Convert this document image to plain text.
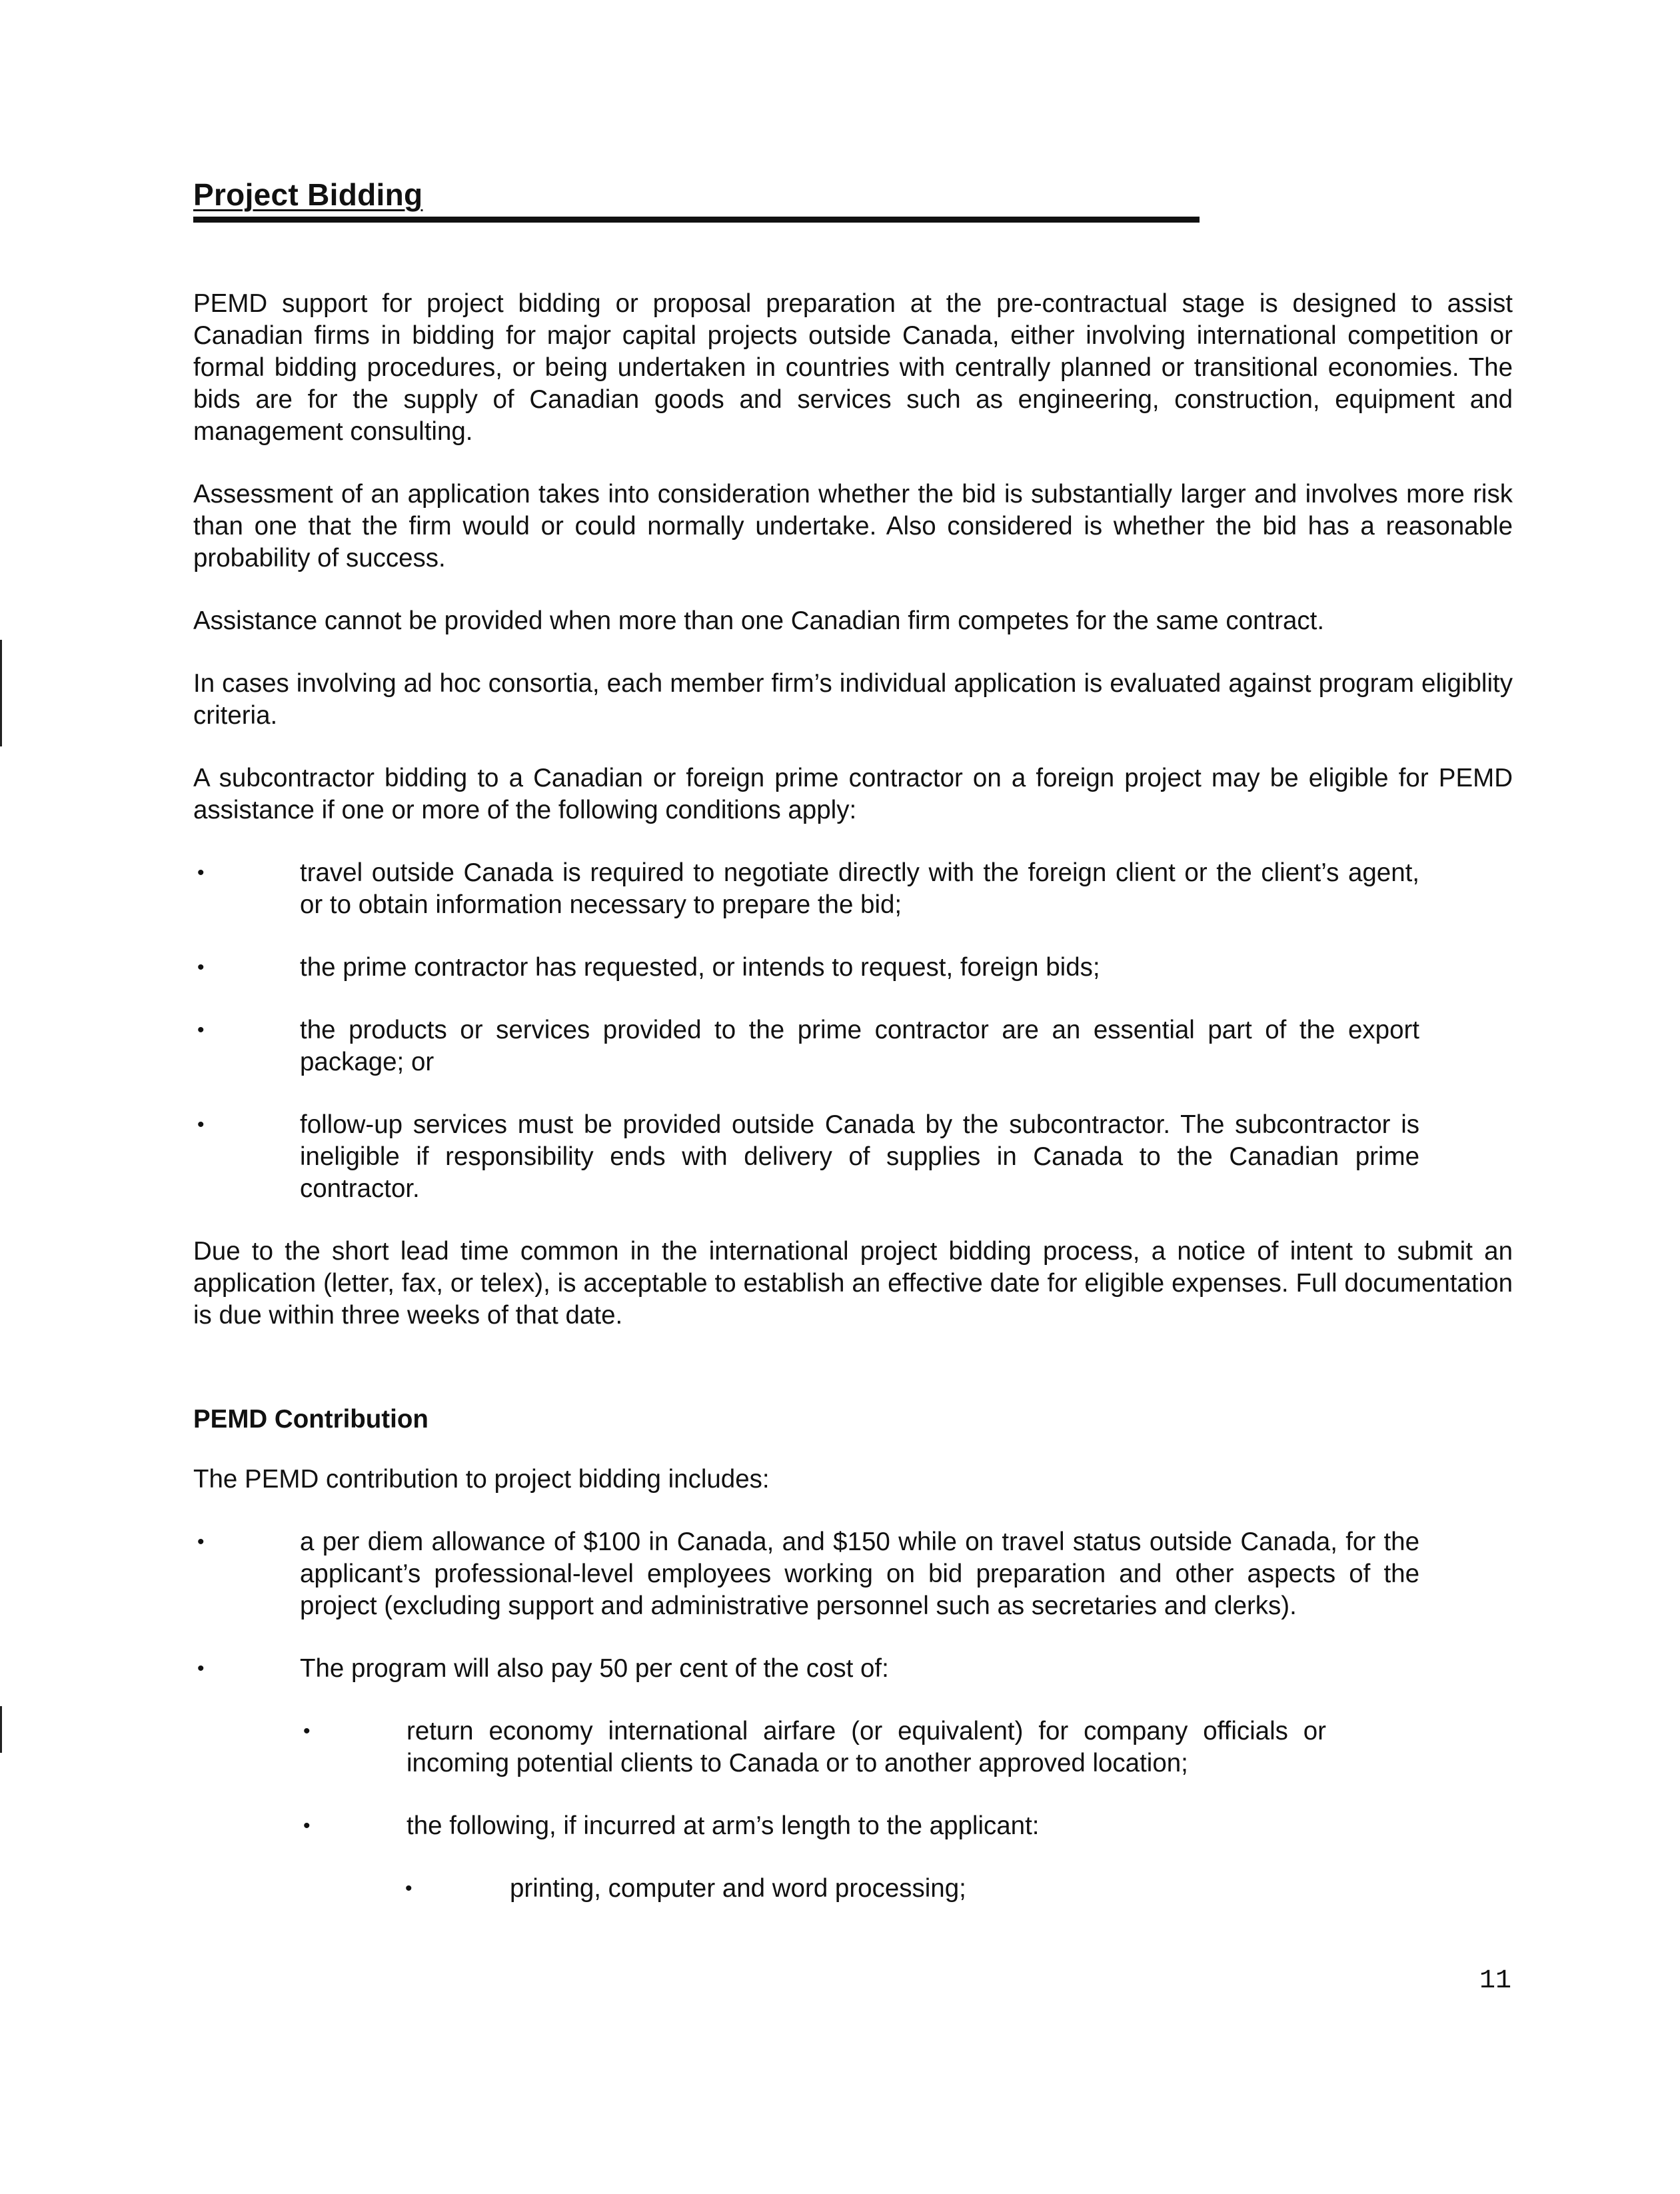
Project Bidding

PEMD support for project bidding or proposal preparation at the pre-contractual stage is designed to assist Canadian firms in bidding for major capital projects outside Canada, either involving international competition or formal bidding procedures, or being undertaken in countries with centrally planned or transitional economies. The bids are for the supply of Canadian goods and services such as engineering, construction, equipment and management consulting.

Assessment of an application takes into consideration whether the bid is substantially larger and involves more risk than one that the firm would or could normally undertake. Also considered is whether the bid has a reasonable probability of success.

Assistance cannot be provided when more than one Canadian firm competes for the same contract.

In cases involving ad hoc consortia, each member firm’s individual application is evaluated against program eligiblity criteria.

A subcontractor bidding to a Canadian or foreign prime contractor on a foreign project may be eligible for PEMD assistance if one or more of the following conditions apply:

•	travel outside Canada is required to negotiate directly with the foreign client or the client’s agent, or to obtain information necessary to prepare the bid;
•	the prime contractor has requested, or intends to request, foreign bids;
•	the products or services provided to the prime contractor are an essential part of the export package; or
•	follow-up services must be provided outside Canada by the subcontractor. The subcontractor is ineligible if responsibility ends with delivery of supplies in Canada to the Canadian prime contractor.

Due to the short lead time common in the international project bidding process, a notice of intent to submit an application (letter, fax, or telex), is acceptable to establish an effective date for eligible expenses. Full documentation is due within three weeks of that date.

PEMD Contribution

The PEMD contribution to project bidding includes:

•	a per diem allowance of $100 in Canada, and $150 while on travel status outside Canada, for the applicant’s professional-level employees working on bid preparation and other aspects of the project (excluding support and administrative personnel such as secretaries and clerks).
•	The program will also pay 50 per cent of the cost of:
•	return economy international airfare (or equivalent) for company officials or incoming potential clients to Canada or to another approved location;
•	the following, if incurred at arm’s length to the applicant:
•	printing, computer and word processing;
11
